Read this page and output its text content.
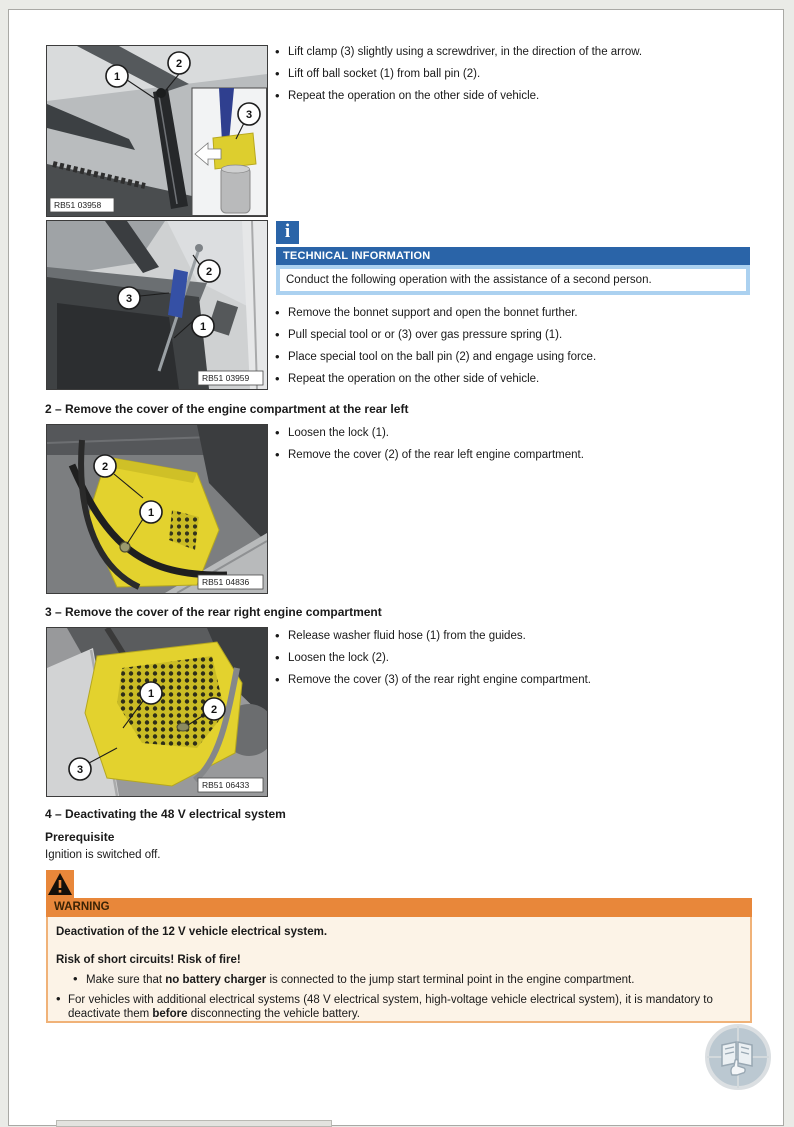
1
2
3
RB51 03958
• Lift clamp (3) slightly using a screwdriver, in the direction of the arrow.
• Lift off ball socket (1) from ball pin (2).
• Repeat the operation on the other side of vehicle.
2
3
1
RB51 03959
i
TECHNICAL INFORMATION
Conduct the following operation with the assistance of a second person.
• Remove the bonnet support and open the bonnet further.
• Pull special tool or or (3) over gas pressure spring (1).
• Place special tool on the ball pin (2) and engage using force.
• Repeat the operation on the other side of vehicle.
2 – Remove the cover of the engine compartment at the rear left
2
1
RB51 04836
• Loosen the lock (1).
• Remove the cover (2) of the rear left engine compartment.
3 – Remove the cover of the rear right engine compartment
1
2
3
RB51 06433
• Release washer fluid hose (1) from the guides.
• Loosen the lock (2).
• Remove the cover (3) of the rear right engine compartment.
4 – Deactivating the 48 V electrical system
Prerequisite
Ignition is switched off.
WARNING

Deactivation of the 12 V vehicle electrical system.

Risk of short circuits! Risk of fire!

• Make sure that no battery charger is connected to the jump start terminal point in the engine compartment.
• For vehicles with additional electrical systems (48 V electrical system, high-voltage vehicle electrical system), it is mandatory to deactivate them before disconnecting the vehicle battery.
